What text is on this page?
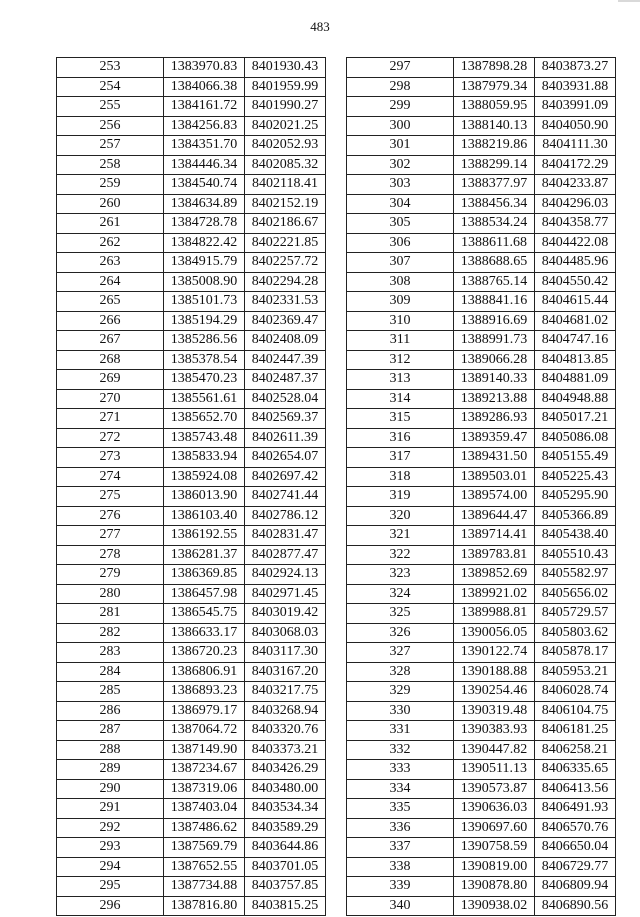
483
253	1383970.83	8401930.43
254	1384066.38	8401959.99
255	1384161.72	8401990.27
256	1384256.83	8402021.25
257	1384351.70	8402052.93
258	1384446.34	8402085.32
259	1384540.74	8402118.41
260	1384634.89	8402152.19
261	1384728.78	8402186.67
262	1384822.42	8402221.85
263	1384915.79	8402257.72
264	1385008.90	8402294.28
265	1385101.73	8402331.53
266	1385194.29	8402369.47
267	1385286.56	8402408.09
268	1385378.54	8402447.39
269	1385470.23	8402487.37
270	1385561.61	8402528.04
271	1385652.70	8402569.37
272	1385743.48	8402611.39
273	1385833.94	8402654.07
274	1385924.08	8402697.42
275	1386013.90	8402741.44
276	1386103.40	8402786.12
277	1386192.55	8402831.47
278	1386281.37	8402877.47
279	1386369.85	8402924.13
280	1386457.98	8402971.45
281	1386545.75	8403019.42
282	1386633.17	8403068.03
283	1386720.23	8403117.30
284	1386806.91	8403167.20
285	1386893.23	8403217.75
286	1386979.17	8403268.94
287	1387064.72	8403320.76
288	1387149.90	8403373.21
289	1387234.67	8403426.29
290	1387319.06	8403480.00
291	1387403.04	8403534.34
292	1387486.62	8403589.29
293	1387569.79	8403644.86
294	1387652.55	8403701.05
295	1387734.88	8403757.85
296	1387816.80	8403815.25
297	1387898.28	8403873.27
298	1387979.34	8403931.88
299	1388059.95	8403991.09
300	1388140.13	8404050.90
301	1388219.86	8404111.30
302	1388299.14	8404172.29
303	1388377.97	8404233.87
304	1388456.34	8404296.03
305	1388534.24	8404358.77
306	1388611.68	8404422.08
307	1388688.65	8404485.96
308	1388765.14	8404550.42
309	1388841.16	8404615.44
310	1388916.69	8404681.02
311	1388991.73	8404747.16
312	1389066.28	8404813.85
313	1389140.33	8404881.09
314	1389213.88	8404948.88
315	1389286.93	8405017.21
316	1389359.47	8405086.08
317	1389431.50	8405155.49
318	1389503.01	8405225.43
319	1389574.00	8405295.90
320	1389644.47	8405366.89
321	1389714.41	8405438.40
322	1389783.81	8405510.43
323	1389852.69	8405582.97
324	1389921.02	8405656.02
325	1389988.81	8405729.57
326	1390056.05	8405803.62
327	1390122.74	8405878.17
328	1390188.88	8405953.21
329	1390254.46	8406028.74
330	1390319.48	8406104.75
331	1390383.93	8406181.25
332	1390447.82	8406258.21
333	1390511.13	8406335.65
334	1390573.87	8406413.56
335	1390636.03	8406491.93
336	1390697.60	8406570.76
337	1390758.59	8406650.04
338	1390819.00	8406729.77
339	1390878.80	8406809.94
340	1390938.02	8406890.56
